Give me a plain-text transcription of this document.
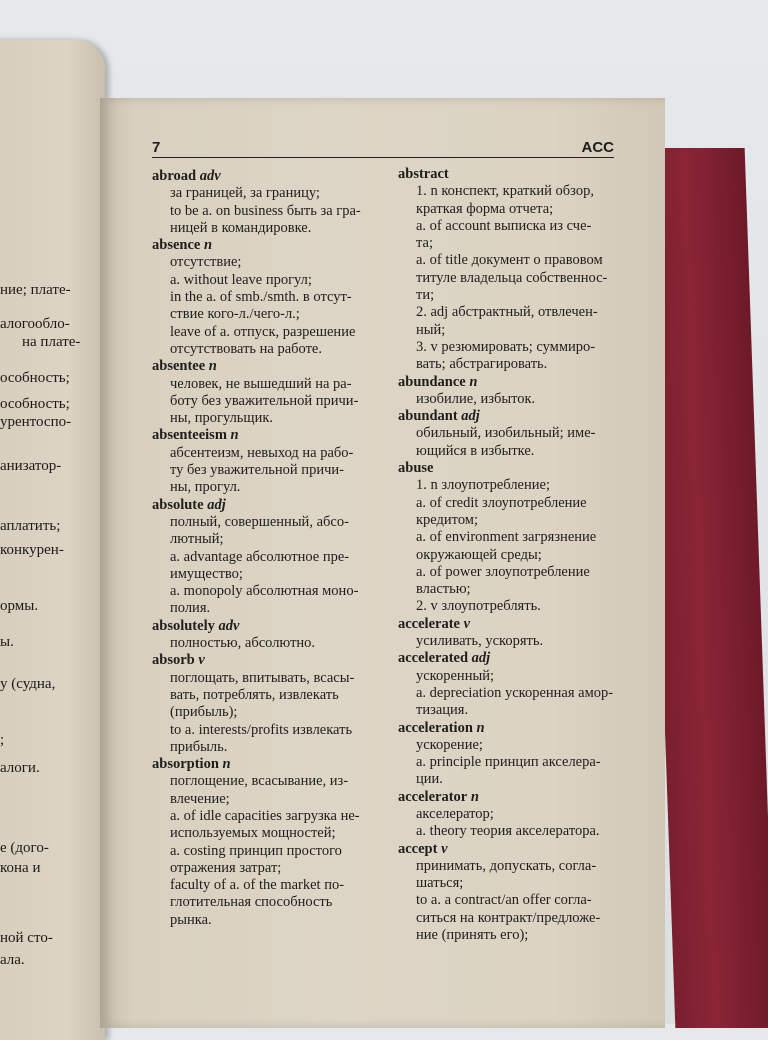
ние; плате-
алогообло-
на плате-
особность;
особность;
урентоспо-
анизатор-
аплатить;
конкурен-
ормы.
ы.
у (судна,
;
алоги.
е (дого-
кона и
ной сто-
ала.
7	ACC
abroad adv
за границей, за границу;
to be a. on business быть за гра-
ницей в командировке.
absence n
отсутствие;
a. without leave прогул;
in the a. of smb./smth. в отсут-
ствие кого-л./чего-л.;
leave of a. отпуск, разрешение
отсутствовать на работе.
absentee n
человек, не вышедший на ра-
боту без уважительной причи-
ны, прогульщик.
absenteeism n
абсентеизм, невыход на рабо-
ту без уважительной причи-
ны, прогул.
absolute adj
полный, совершенный, абсо-
лютный;
a. advantage абсолютное пре-
имущество;
a. monopoly абсолютная моно-
полия.
absolutely adv
полностью, абсолютно.
absorb v
поглощать, впитывать, всасы-
вать, потреблять, извлекать
(прибыль);
to a. interests/profits извлекать
прибыль.
absorption n
поглощение, всасывание, из-
влечение;
a. of idle capacities загрузка не-
используемых мощностей;
a. costing принцип простого
отражения затрат;
faculty of a. of the market по-
глотительная способность
рынка.
abstract
1. n конспект, краткий обзор,
краткая форма отчета;
a. of account выписка из сче-
та;
a. of title документ о правовом
титуле владельца собственнос-
ти;
2. adj абстрактный, отвлечен-
ный;
3. v резюмировать; суммиро-
вать; абстрагировать.
abundance n
изобилие, избыток.
abundant adj
обильный, изобильный; име-
ющийся в избытке.
abuse
1. n злоупотребление;
a. of credit злоупотребление
кредитом;
a. of environment загрязнение
окружающей среды;
a. of power злоупотребление
властью;
2. v злоупотреблять.
accelerate v
усиливать, ускорять.
accelerated adj
ускоренный;
a. depreciation ускоренная амор-
тизация.
acceleration n
ускорение;
a. principle принцип акселера-
ции.
accelerator n
акселератор;
a. theory теория акселератора.
accept v
принимать, допускать, согла-
шаться;
to a. a contract/an offer согла-
ситься на контракт/предложе-
ние (принять его);
